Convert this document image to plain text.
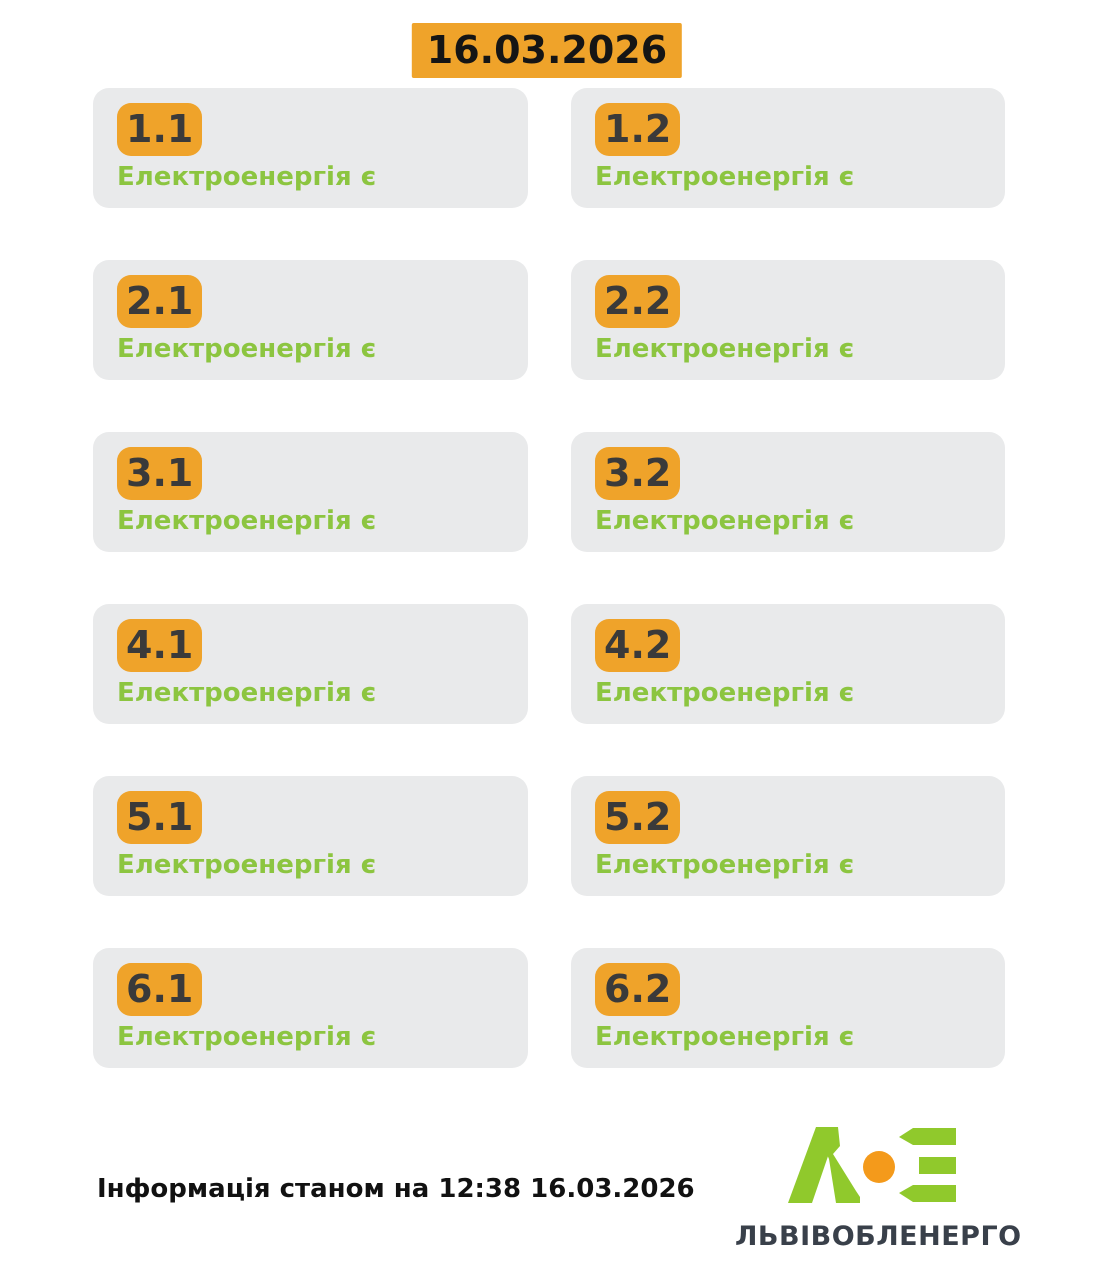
16.03.2026
1.1
Електроенергія є
1.2
Електроенергія є
2.1
Електроенергія є
2.2
Електроенергія є
3.1
Електроенергія є
3.2
Електроенергія є
4.1
Електроенергія є
4.2
Електроенергія є
5.1
Електроенергія є
5.2
Електроенергія є
6.1
Електроенергія є
6.2
Електроенергія є
Інформація станом на 12:38 16.03.2026
ЛЬВІВОБЛЕНЕРГО
